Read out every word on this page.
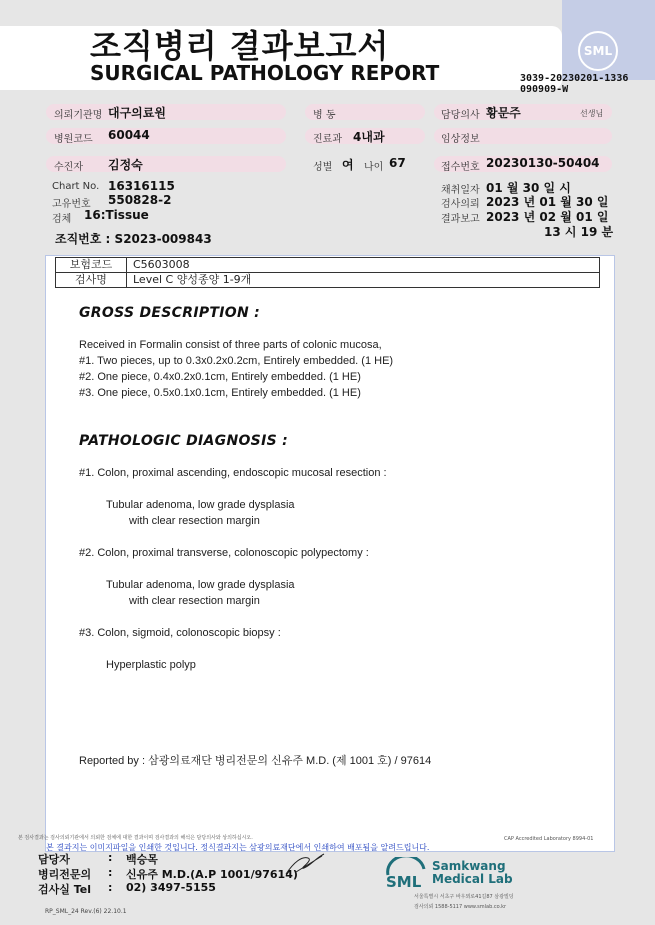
조직병리 결과보고서
SURGICAL PATHOLOGY REPORT
SML
3039-20230201-1336
090909-W
의뢰기관명 대구의료원	병 동	담당의사 황문주	선생님
병원코드 60044	진료과 4내과	임상정보
수진자 김정숙	성별 여 나이 67	접수번호 20230130-50404
Chart No. 16316115
고유번호 550828-2
검체 16:Tissue
조직번호 : S2023-009843
채취일자 01 월 30 일 시
검사의뢰 2023 년 01 월 30 일
결과보고 2023 년 02 월 01 일
13 시 19 분
보험코드	C5603008
검사명	Level C 양성종양 1-9개
GROSS DESCRIPTION :
Received in Formalin consist of three parts of colonic mucosa,
#1. Two pieces, up to 0.3x0.2x0.2cm, Entirely embedded. (1 HE)
#2. One piece, 0.4x0.2x0.1cm, Entirely embedded. (1 HE)
#3. One piece, 0.5x0.1x0.1cm, Entirely embedded. (1 HE)
PATHOLOGIC DIAGNOSIS :
#1. Colon, proximal ascending, endoscopic mucosal resection :
Tubular adenoma, low grade dysplasia
with clear resection margin
#2. Colon, proximal transverse, colonoscopic polypectomy :
Tubular adenoma, low grade dysplasia
with clear resection margin
#3. Colon, sigmoid, colonoscopic biopsy :
Hyperplastic polyp
Reported by : 삼광의료재단 병리전문의 신유주 M.D. (제 1001 호) / 97614
본 검사결과는 검사의뢰기관에서 의뢰한 검체에 대한 결과이며 검사결과의 해석은 담당의사와 상의하십시오.	CAP Accredited Laboratory 8994-01
본 결과지는 이미지파일을 인쇄한 것입니다. 정식결과지는 삼광의료재단에서 인쇄하여 배포됨을 알려드립니다.
담당자	: 백승목
병리전문의 : 신유주 M.D.(A.P 1001/97614)
검사실 Tel : 02) 3497-5155	SML
Samkwang
Medical Lab
서울특별시 서초구 바우뫼로41길87 삼광빌딩
검사의뢰 1588-5117 www.smlab.co.kr
RP_SML_24 Rev.(6) 22.10.1
